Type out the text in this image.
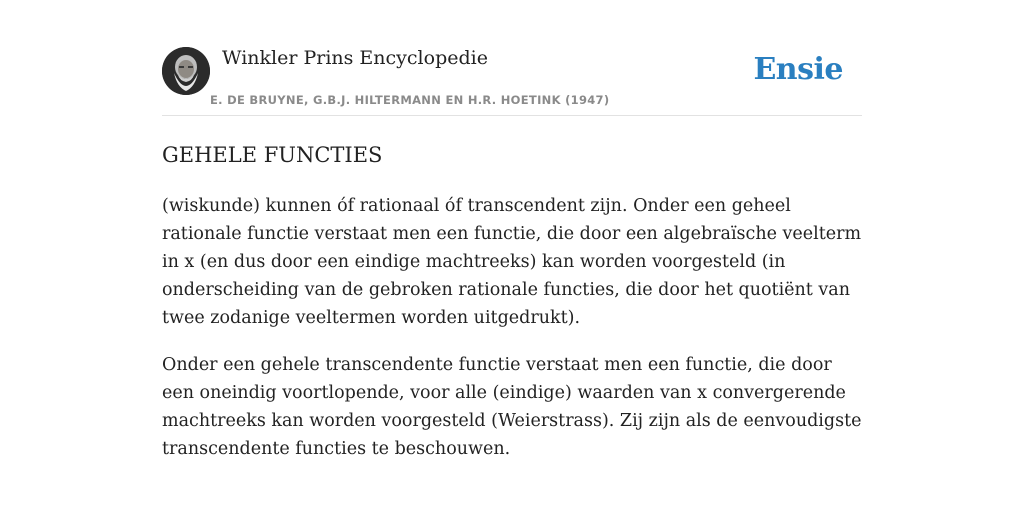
Winkler Prins Encyclopedie
E. DE BRUYNE, G.B.J. HILTERMANN EN H.R. HOETINK (1947)
Ensie
GEHELE FUNCTIES

(wiskunde) kunnen óf rationaal óf transcendent zijn. Onder een geheel rationale functie verstaat men een functie, die door een algebraïsche veelterm in x (en dus door een eindige machtreeks) kan worden voorgesteld (in onderscheiding van de gebroken rationale functies, die door het quotiënt van twee zodanige veeltermen worden uitgedrukt).

Onder een gehele transcendente functie verstaat men een functie, die door een oneindig voortlopende, voor alle (eindige) waarden van x convergerende machtreeks kan worden voorgesteld (Weierstrass). Zij zijn als de eenvoudigste transcendente functies te beschouwen.
